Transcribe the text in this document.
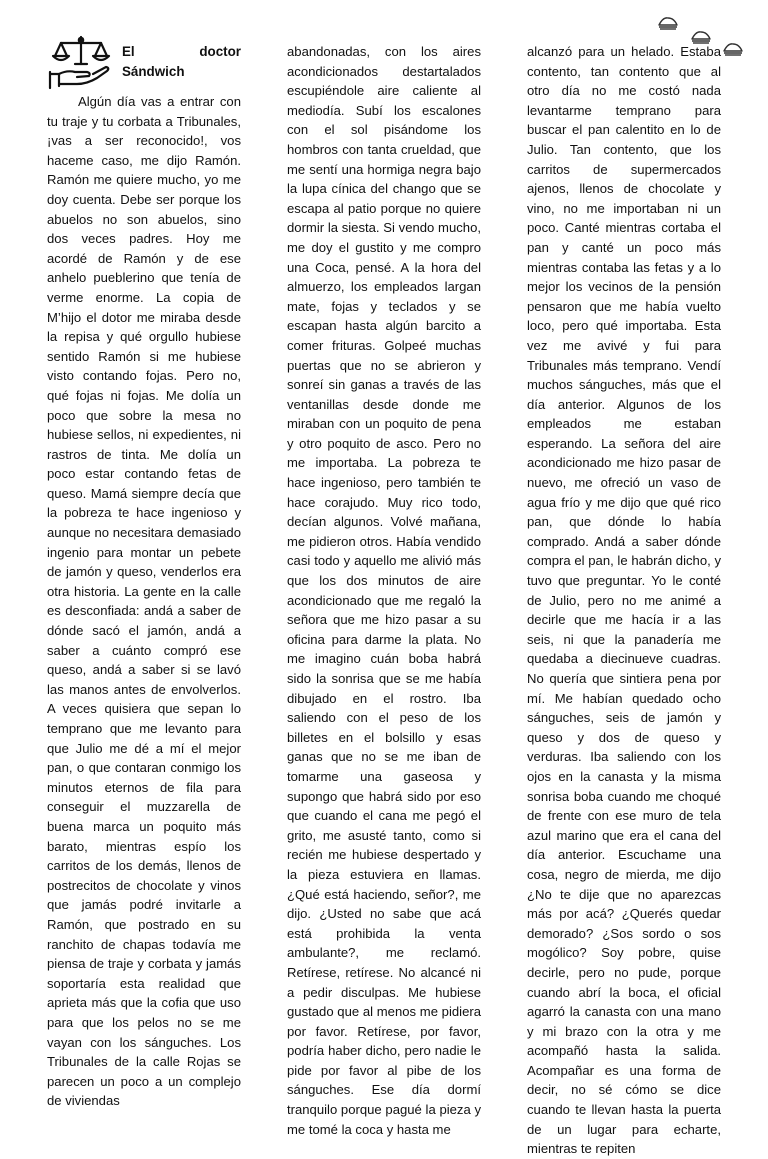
El	doctor
Sándwich

Algún día vas a entrar con tu traje y tu corbata a Tribunales, ¡vas a ser reconocido!, vos haceme caso, me dijo Ramón. Ramón me quiere mucho, yo me doy cuenta. Debe ser porque los abuelos no son abuelos, sino dos veces padres. Hoy me acordé de Ramón y de ese anhelo pueblerino que tenía de verme enorme. La copia de M’hijo el dotor me miraba desde la repisa y qué orgullo hubiese sentido Ramón si me hubiese visto contando fojas. Pero no, qué fojas ni fojas. Me dolía un poco que sobre la mesa no hubiese sellos, ni expedientes, ni rastros de tinta. Me dolía un poco estar contando fetas de queso. Mamá siempre decía que la pobreza te hace ingenioso y aunque no necesitara demasiado ingenio para montar un pebete de jamón y queso, venderlos era otra historia. La gente en la calle es desconfiada: andá a saber de dónde sacó el jamón, andá a saber a cuánto compró ese queso, andá a saber si se lavó las manos antes de envolverlos. A veces quisiera que sepan lo temprano que me levanto para que Julio me dé a mí el mejor pan, o que contaran conmigo los minutos eternos de fila para conseguir el muzzarella de buena marca un poquito más barato, mientras espío los carritos de los demás, llenos de postrecitos de chocolate y vinos que jamás podré invitarle a Ramón, que postrado en su ranchito de chapas todavía me piensa de traje y corbata y jamás soportaría esta realidad que aprieta más que la cofia que uso para que los pelos no se me vayan con los sánguches. Los Tribunales de la calle Rojas se parecen un poco a un complejo de viviendas

abandonadas, con los aires acondicionados destartalados escupiéndole aire caliente al mediodía. Subí los escalones con el sol pisándome los hombros con tanta crueldad, que me sentí una hormiga negra bajo la lupa cínica del chango que se escapa al patio porque no quiere dormir la siesta. Si vendo mucho, me doy el gustito y me compro una Coca, pensé. A la hora del almuerzo, los empleados largan mate, fojas y teclados y se escapan hasta algún barcito a comer frituras. Golpeé muchas puertas que no se abrieron y sonreí sin ganas a través de las ventanillas desde donde me miraban con un poquito de pena y otro poquito de asco. Pero no me importaba. La pobreza te hace ingenioso, pero también te hace corajudo. Muy rico todo, decían algunos. Volvé mañana, me pidieron otros. Había vendido casi todo y aquello me alivió más que los dos minutos de aire acondicionado que me regaló la señora que me hizo pasar a su oficina para darme la plata. No me imagino cuán boba habrá sido la sonrisa que se me había dibujado en el rostro. Iba saliendo con el peso de los billetes en el bolsillo y esas ganas que no se me iban de tomarme una gaseosa y supongo que habrá sido por eso que cuando el cana me pegó el grito, me asusté tanto, como si recién me hubiese despertado y la pieza estuviera en llamas. ¿Qué está haciendo, señor?, me dijo. ¿Usted no sabe que acá está prohibida la venta ambulante?, me reclamó. Retírese, retírese. No alcancé ni a pedir disculpas. Me hubiese gustado que al menos me pidiera por favor. Retírese, por favor, podría haber dicho, pero nadie le pide por favor al pibe de los sánguches. Ese día dormí tranquilo porque pagué la pieza y me tomé la coca y hasta me

alcanzó para un helado. Estaba contento, tan contento que al otro día no me costó nada levantarme temprano para buscar el pan calentito en lo de Julio. Tan contento, que los carritos de supermercados ajenos, llenos de chocolate y vino, no me importaban ni un poco. Canté mientras cortaba el pan y canté un poco más mientras contaba las fetas y a lo mejor los vecinos de la pensión pensaron que me había vuelto loco, pero qué importaba. Esta vez me avivé y fui para Tribunales más temprano. Vendí muchos sánguches, más que el día anterior. Algunos de los empleados me estaban esperando. La señora del aire acondicionado me hizo pasar de nuevo, me ofreció un vaso de agua frío y me dijo que qué rico pan, que dónde lo había comprado. Andá a saber dónde compra el pan, le habrán dicho, y tuvo que preguntar. Yo le conté de Julio, pero no me animé a decirle que me hacía ir a las seis, ni que la panadería me quedaba a diecinueve cuadras. No quería que sintiera pena por mí. Me habían quedado ocho sánguches, seis de jamón y queso y dos de queso y verduras. Iba saliendo con los ojos en la canasta y la misma sonrisa boba cuando me choqué de frente con ese muro de tela azul marino que era el cana del día anterior. Escuchame una cosa, negro de mierda, me dijo ¿No te dije que no aparezcas más por acá? ¿Querés quedar demorado? ¿Sos sordo o sos mogólico? Soy pobre, quise decirle, pero no pude, porque cuando abrí la boca, el oficial agarró la canasta con una mano y mi brazo con la otra y me acompañó hasta la salida. Acompañar es una forma de decir, no sé cómo se dice cuando te llevan hasta la puerta de un lugar para echarte, mientras te repiten
